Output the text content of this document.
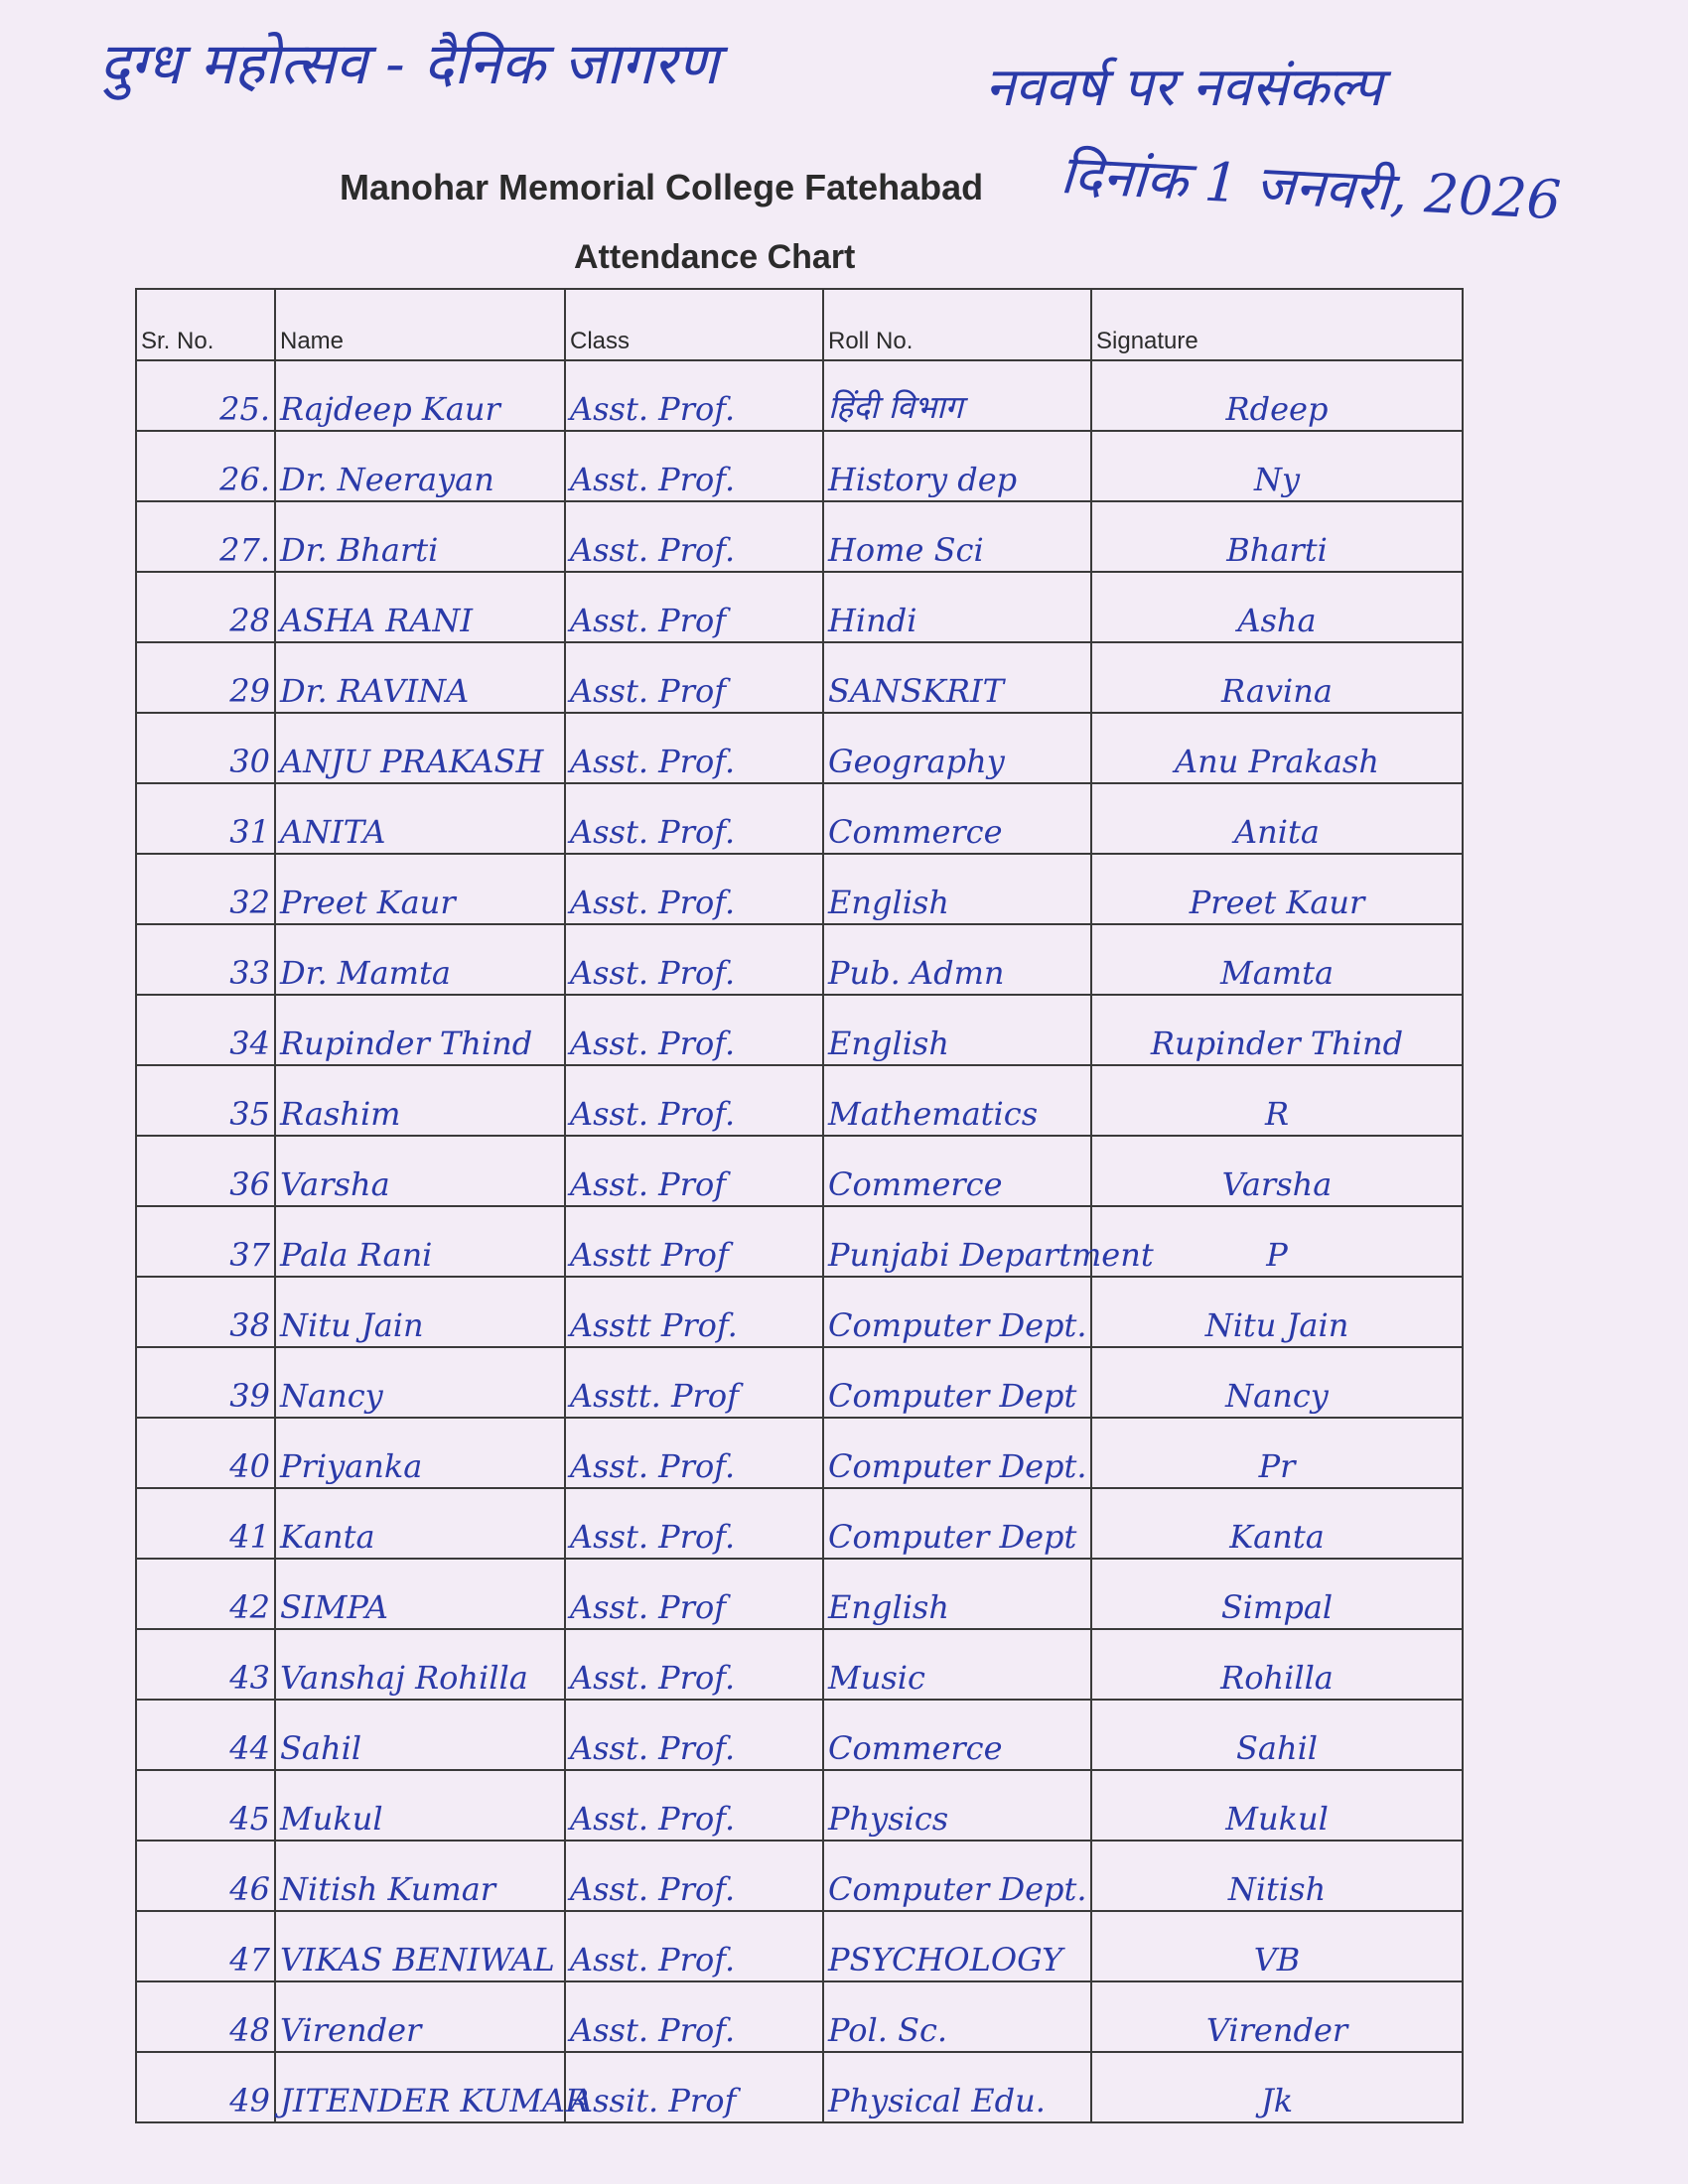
दुग्ध महोत्सव - दैनिक जागरण	नववर्ष पर नवसंकल्प
Manohar Memorial College Fatehabad दिनांक 1 जनवरी, 2026
Attendance Chart
Sr. No.	Name	Class	Roll No.	Signature
25.	Rajdeep Kaur	Asst. Prof.	हिंदी विभाग	Rdeep
26.	Dr. Neerayan	Asst. Prof.	History dep	Ny
27.	Dr. Bharti	Asst. Prof.	Home Sci	Bharti
28	ASHA RANI	Asst. Prof	Hindi	Asha
29	Dr. RAVINA	Asst. Prof	SANSKRIT	Ravina
30	ANJU PRAKASH	Asst. Prof.	Geography	Anu Prakash
31	ANITA	Asst. Prof.	Commerce	Anita
32	Preet Kaur	Asst. Prof.	English	Preet Kaur
33	Dr. Mamta	Asst. Prof.	Pub. Admn	Mamta
34	Rupinder Thind	Asst. Prof.	English	Rupinder Thind
35	Rashim	Asst. Prof.	Mathematics	R
36	Varsha	Asst. Prof	Commerce	Varsha
37	Pala Rani	Asstt Prof	Punjabi Department	P
38	Nitu Jain	Asstt Prof.	Computer Dept.	Nitu Jain
39	Nancy	Asstt. Prof	Computer Dept	Nancy
40	Priyanka	Asst. Prof.	Computer Dept.	Pr
41	Kanta	Asst. Prof.	Computer Dept	Kanta
42	SIMPA	Asst. Prof	English	Simpal
43	Vanshaj Rohilla	Asst. Prof.	Music	Rohilla
44	Sahil	Asst. Prof.	Commerce	Sahil
45	Mukul	Asst. Prof.	Physics	Mukul
46	Nitish Kumar	Asst. Prof.	Computer Dept.	Nitish
47	VIKAS BENIWAL	Asst. Prof.	PSYCHOLOGY	VB
48	Virender	Asst. Prof.	Pol. Sc.	Virender
49	JITENDER KUMAR	Assit. Prof	Physical Edu.	Jk
